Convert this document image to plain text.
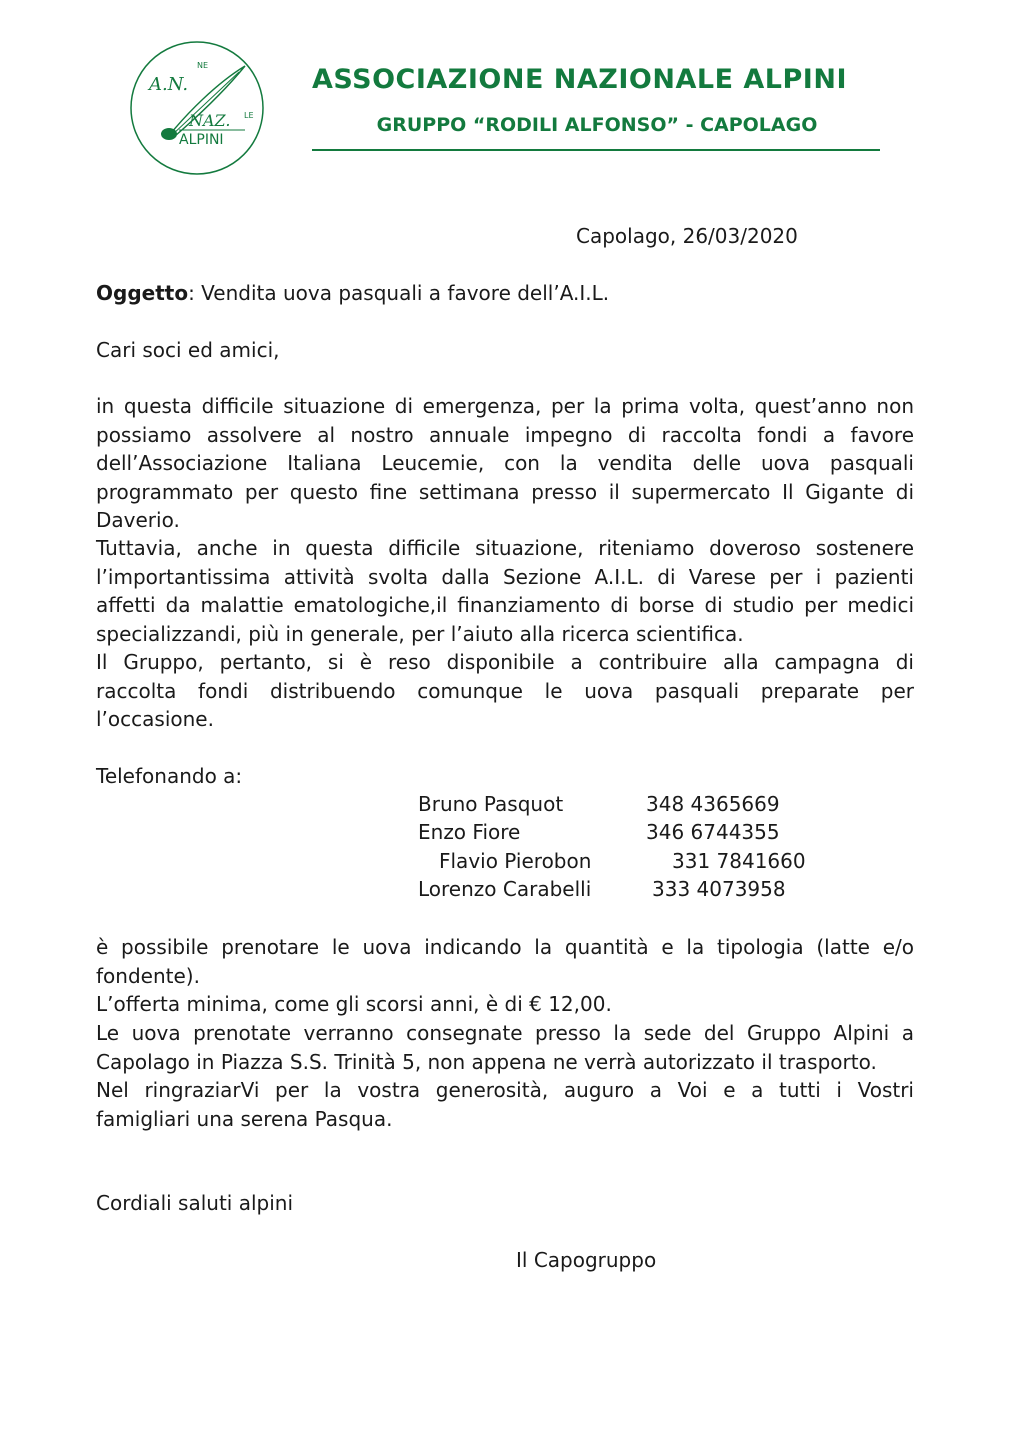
A.N.
NE
NAZ. LE
ALPINI
ASSOCIAZIONE NAZIONALE ALPINI
GRUPPO “RODILI ALFONSO” - CAPOLAGO
Capolago, 26/03/2020
Oggetto: Vendita uova pasquali a favore dell’A.I.L.
Cari soci ed amici,
in questa difficile situazione di emergenza, per la prima volta, quest’anno non
possiamo assolvere al nostro annuale impegno di raccolta fondi a favore
dell’Associazione Italiana Leucemie, con la vendita delle uova pasquali
programmato per questo fine settimana presso il supermercato Il Gigante di
Daverio.
Tuttavia, anche in questa difficile situazione, riteniamo doveroso sostenere
l’importantissima attività svolta dalla Sezione A.I.L. di Varese per i pazienti
affetti da malattie ematologiche,il finanziamento di borse di studio per medici
specializzandi, più in generale, per l’aiuto alla ricerca scientifica.
Il Gruppo, pertanto, si è reso disponibile a contribuire alla campagna di
raccolta fondi distribuendo comunque le uova pasquali preparate per
l’occasione.
Telefonando a:
Bruno Pasquot	348 4365669
Enzo Fiore	346 6744355
Flavio Pierobon	331 7841660
Lorenzo Carabelli	333 4073958
è possibile prenotare le uova indicando la quantità e la tipologia (latte e/o
fondente).
L’offerta minima, come gli scorsi anni, è di € 12,00.
Le uova prenotate verranno consegnate presso la sede del Gruppo Alpini a
Capolago in Piazza S.S. Trinità 5, non appena ne verrà autorizzato il trasporto.
Nel ringraziarVi per la vostra generosità, auguro a Voi e a tutti i Vostri
famigliari una serena Pasqua.
Cordiali saluti alpini
Il Capogruppo
